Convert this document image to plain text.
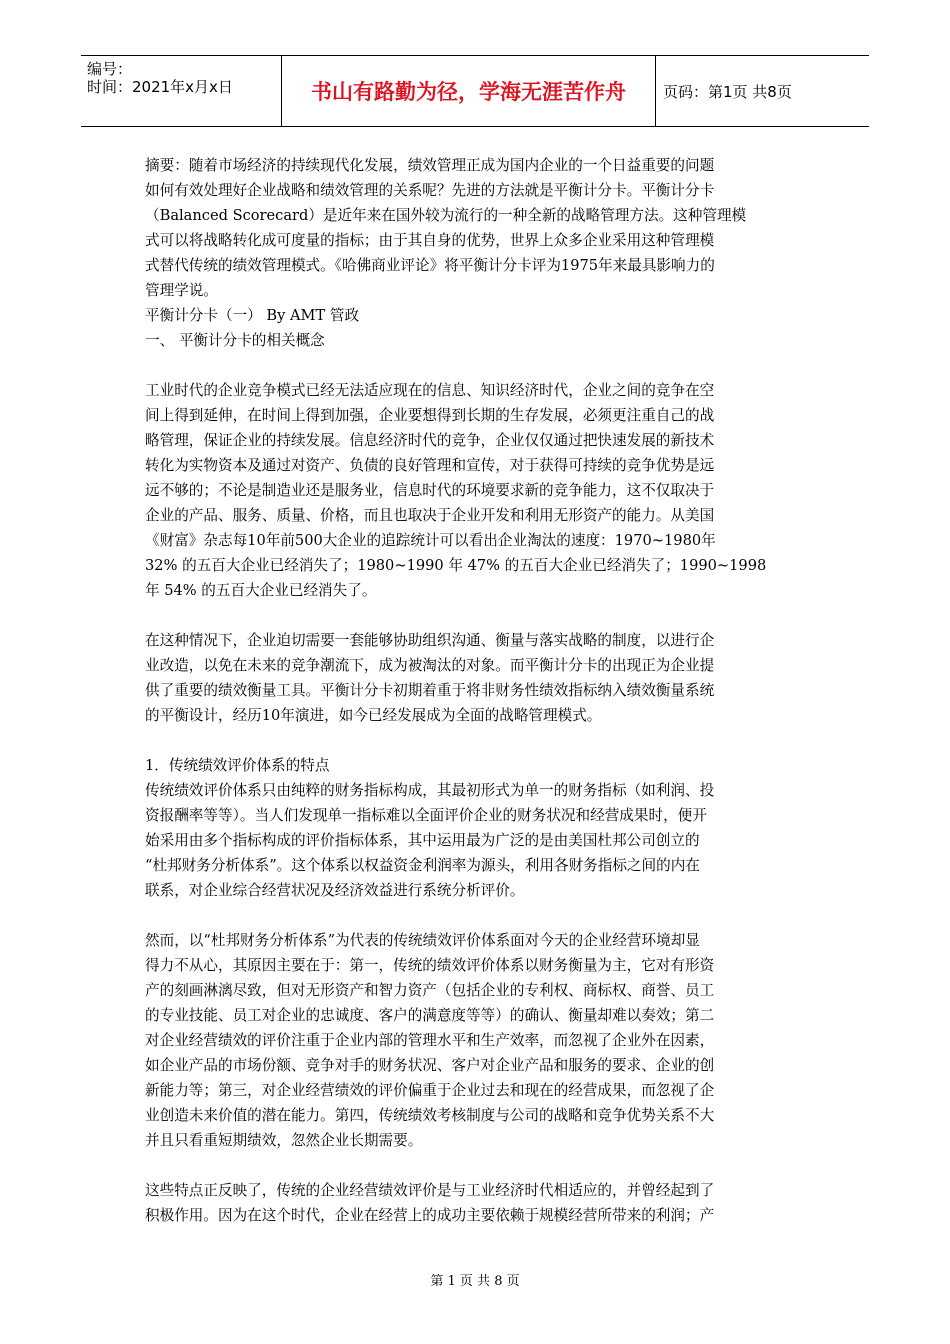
编号：
时间：2021年x月x日	书山有路勤为径，学海无涯苦作舟	页码：第1页 共8页
摘要：随着市场经济的持续现代化发展，绩效管理正成为国内企业的一个日益重要的问题
如何有效处理好企业战略和绩效管理的关系呢？先进的方法就是平衡计分卡。平衡计分卡
（Balanced Scorecard）是近年来在国外较为流行的一种全新的战略管理方法。这种管理模
式可以将战略转化成可度量的指标；由于其自身的优势，世界上众多企业采用这种管理模
式替代传统的绩效管理模式。《哈佛商业评论》将平衡计分卡评为1975年来最具影响力的
管理学说。
平衡计分卡（一） By AMT 管政
一、 平衡计分卡的相关概念
工业时代的企业竞争模式已经无法适应现在的信息、知识经济时代，企业之间的竞争在空
间上得到延伸，在时间上得到加强，企业要想得到长期的生存发展，必须更注重自己的战
略管理，保证企业的持续发展。信息经济时代的竞争，企业仅仅通过把快速发展的新技术
转化为实物资本及通过对资产、负债的良好管理和宣传，对于获得可持续的竞争优势是远
远不够的；不论是制造业还是服务业，信息时代的环境要求新的竞争能力，这不仅取决于
企业的产品、服务、质量、价格，而且也取决于企业开发和利用无形资产的能力。从美国
《财富》杂志每10年前500大企业的追踪统计可以看出企业淘汰的速度：1970~1980年
32% 的五百大企业已经消失了；1980~1990 年 47% 的五百大企业已经消失了；1990~1998
年 54% 的五百大企业已经消失了。
在这种情况下，企业迫切需要一套能够协助组织沟通、衡量与落实战略的制度，以进行企
业改造，以免在未来的竞争潮流下，成为被淘汰的对象。而平衡计分卡的出现正为企业提
供了重要的绩效衡量工具。平衡计分卡初期着重于将非财务性绩效指标纳入绩效衡量系统
的平衡设计，经历10年演进，如今已经发展成为全面的战略管理模式。
1．传统绩效评价体系的特点
传统绩效评价体系只由纯粹的财务指标构成，其最初形式为单一的财务指标（如利润、投
资报酬率等等）。当人们发现单一指标难以全面评价企业的财务状况和经营成果时，便开
始采用由多个指标构成的评价指标体系，其中运用最为广泛的是由美国杜邦公司创立的
“杜邦财务分析体系”。这个体系以权益资金利润率为源头，利用各财务指标之间的内在
联系，对企业综合经营状况及经济效益进行系统分析评价。
然而，以“杜邦财务分析体系”为代表的传统绩效评价体系面对今天的企业经营环境却显
得力不从心，其原因主要在于：第一，传统的绩效评价体系以财务衡量为主，它对有形资
产的刻画淋漓尽致，但对无形资产和智力资产（包括企业的专利权、商标权、商誉、员工
的专业技能、员工对企业的忠诚度、客户的满意度等等）的确认、衡量却难以奏效；第二
对企业经营绩效的评价注重于企业内部的管理水平和生产效率，而忽视了企业外在因素，
如企业产品的市场份额、竞争对手的财务状况、客户对企业产品和服务的要求、企业的创
新能力等；第三，对企业经营绩效的评价偏重于企业过去和现在的经营成果，而忽视了企
业创造未来价值的潜在能力。第四，传统绩效考核制度与公司的战略和竞争优势关系不大
并且只看重短期绩效，忽然企业长期需要。
这些特点正反映了，传统的企业经营绩效评价是与工业经济时代相适应的，并曾经起到了
积极作用。因为在这个时代，企业在经营上的成功主要依赖于规模经营所带来的利润；产
第 1 页 共 8 页
